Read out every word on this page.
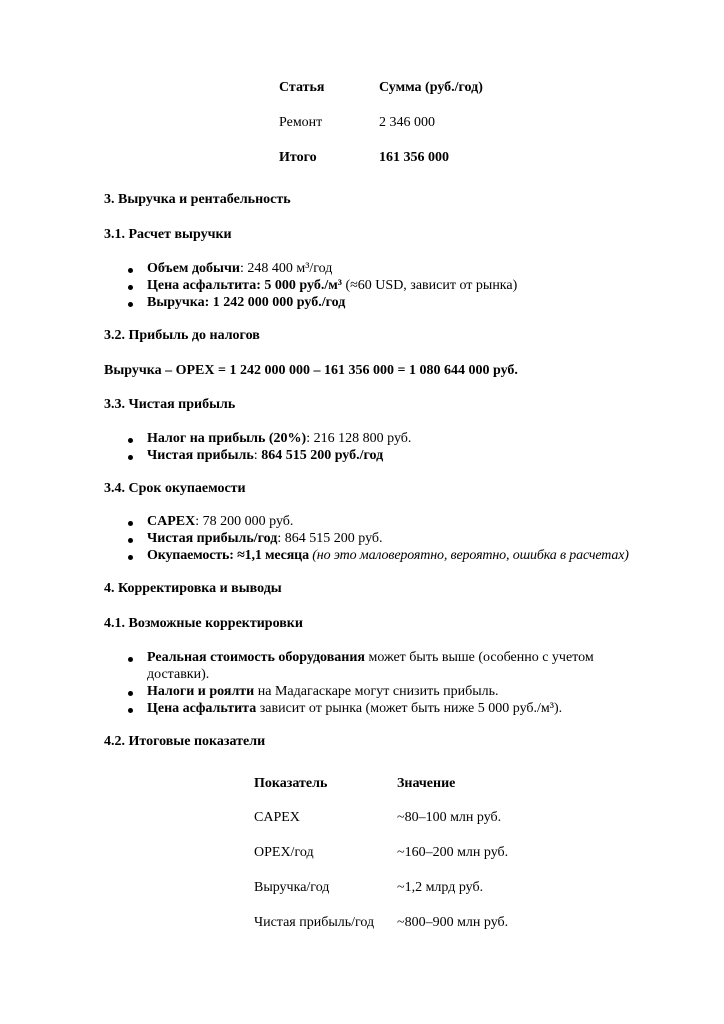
Статья	Сумма (руб./год)
Ремонт	2 346 000
Итого	161 356 000
3. Выручка и рентабельность
3.1. Расчет выручки
Объем добычи: 248 400 м³/год
Цена асфальтита: 5 000 руб./м³ (≈60 USD, зависит от рынка)
Выручка: 1 242 000 000 руб./год
3.2. Прибыль до налогов
Выручка – OPEX = 1 242 000 000 – 161 356 000 = 1 080 644 000 руб.
3.3. Чистая прибыль
Налог на прибыль (20%): 216 128 800 руб.
Чистая прибыль: 864 515 200 руб./год
3.4. Срок окупаемости
CAPEX: 78 200 000 руб.
Чистая прибыль/год: 864 515 200 руб.
Окупаемость: ≈1,1 месяца (но это маловероятно, вероятно, ошибка в расчетах)
4. Корректировка и выводы
4.1. Возможные корректировки
Реальная стоимость оборудования может быть выше (особенно с учетом
доставки).
Налоги и роялти на Мадагаскаре могут снизить прибыль.
Цена асфальтита зависит от рынка (может быть ниже 5 000 руб./м³).
4.2. Итоговые показатели
Показатель	Значение
CAPEX	~80–100 млн руб.
OPEX/год	~160–200 млн руб.
Выручка/год	~1,2 млрд руб.
Чистая прибыль/год ~800–900 млн руб.
